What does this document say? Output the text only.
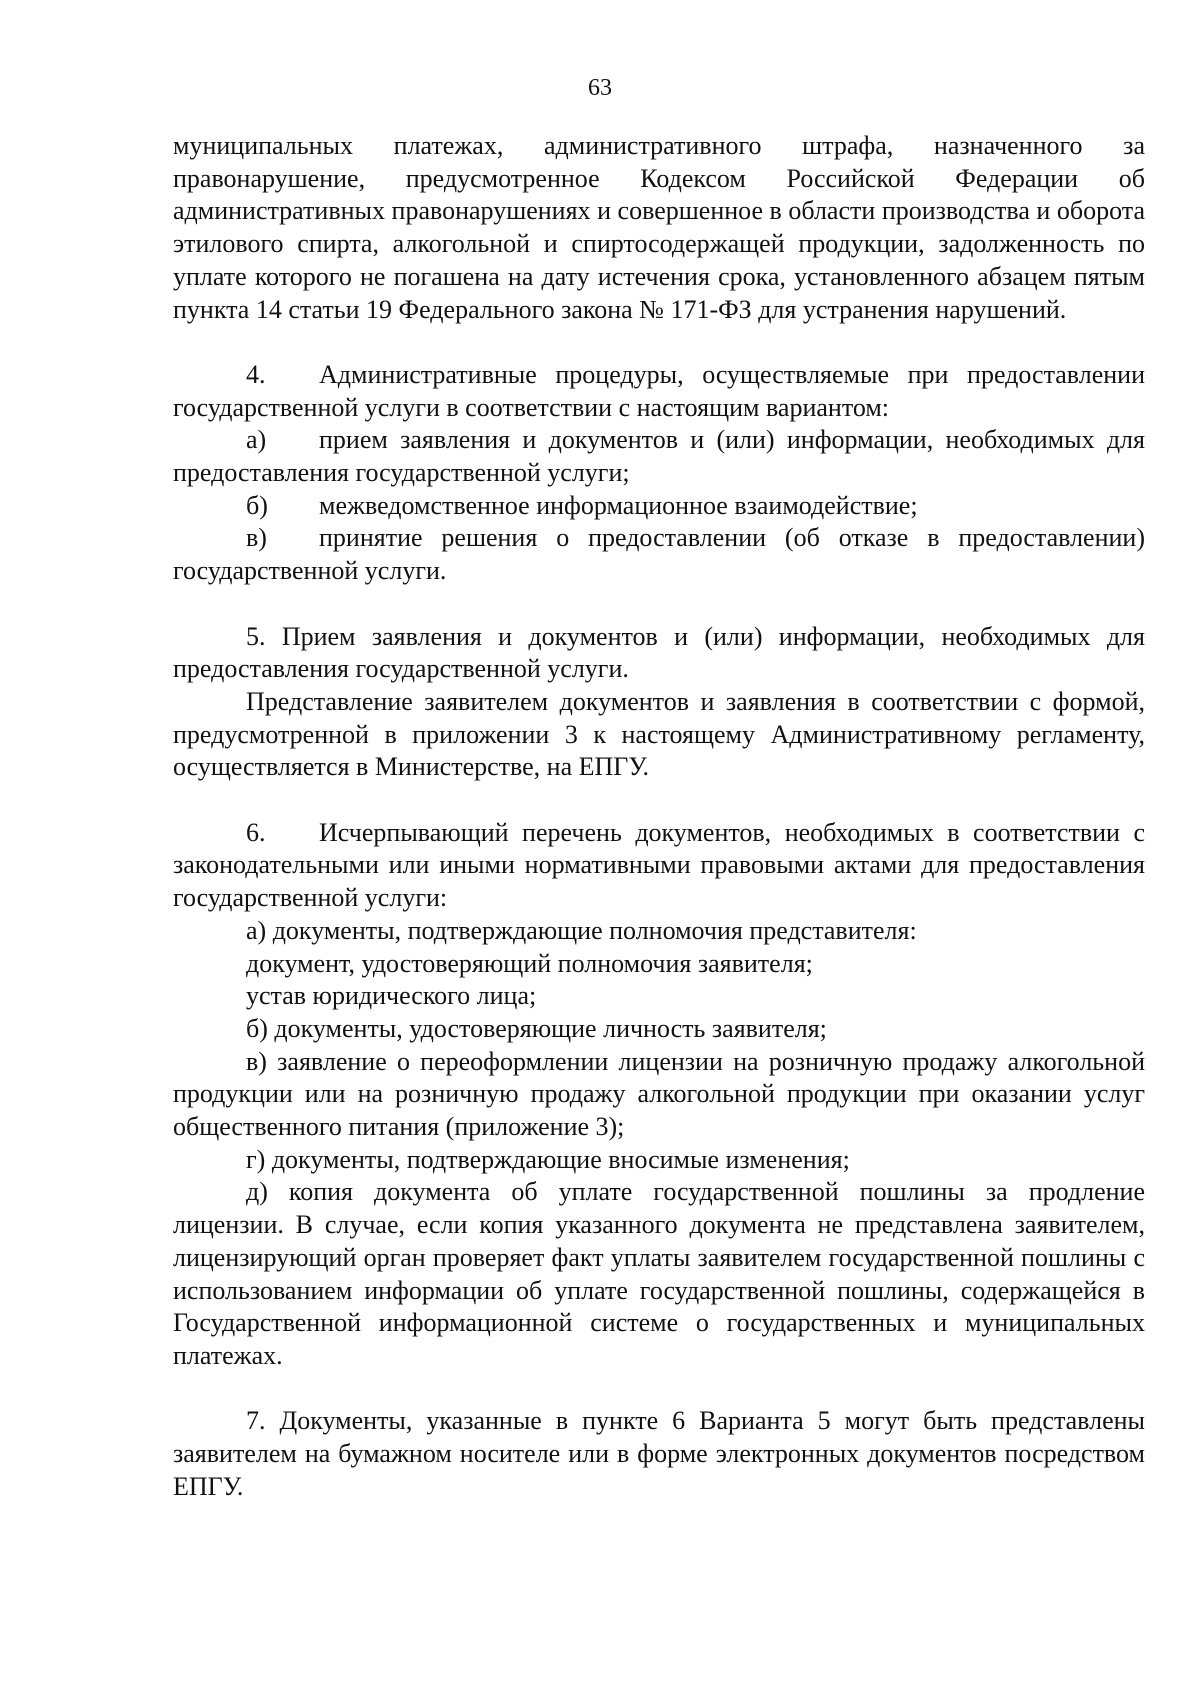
63

муниципальных платежах, административного штрафа, назначенного за правонарушение, предусмотренное Кодексом Российской Федерации об административных правонарушениях и совершенное в области производства и оборота этилового спирта, алкогольной и спиртосодержащей продукции, задолженность по уплате которого не погашена на дату истечения срока, установленного абзацем пятым пункта 14 статьи 19 Федерального закона № 171-ФЗ для устранения нарушений.

4. Административные процедуры, осуществляемые при предоставлении государственной услуги в соответствии с настоящим вариантом:

а) прием заявления и документов и (или) информации, необходимых для предоставления государственной услуги;

б) межведомственное информационное взаимодействие;

в) принятие решения о предоставлении (об отказе в предоставлении) государственной услуги.

5. Прием заявления и документов и (или) информации, необходимых для предоставления государственной услуги.

Представление заявителем документов и заявления в соответствии с формой, предусмотренной в приложении 3 к настоящему Административному регламенту, осуществляется в Министерстве, на ЕПГУ.

6. Исчерпывающий перечень документов, необходимых в соответствии с законодательными или иными нормативными правовыми актами для предоставления государственной услуги:

а) документы, подтверждающие полномочия представителя:

документ, удостоверяющий полномочия заявителя;

устав юридического лица;

б) документы, удостоверяющие личность заявителя;

в) заявление о переоформлении лицензии на розничную продажу алкогольной продукции или на розничную продажу алкогольной продукции при оказании услуг общественного питания (приложение 3);

г) документы, подтверждающие вносимые изменения;

д) копия документа об уплате государственной пошлины за продление лицензии. В случае, если копия указанного документа не представлена заявителем, лицензирующий орган проверяет факт уплаты заявителем государственной пошлины с использованием информации об уплате государственной пошлины, содержащейся в Государственной информационной системе о государственных и муниципальных платежах.

7. Документы, указанные в пункте 6 Варианта 5 могут быть представлены заявителем на бумажном носителе или в форме электронных документов посредством ЕПГУ.
